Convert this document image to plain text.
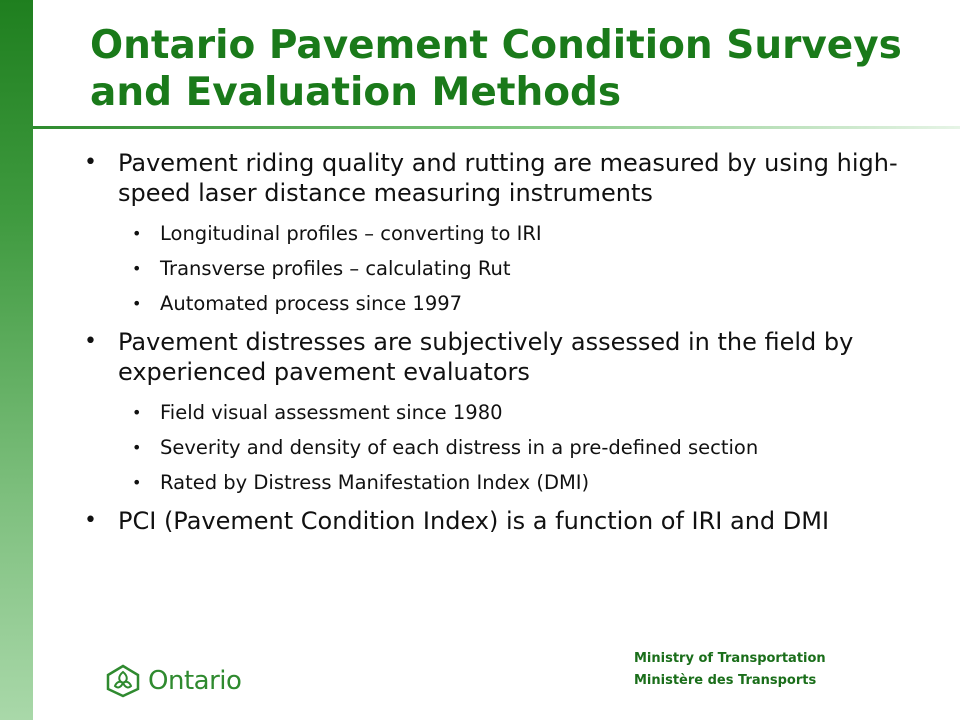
Ontario Pavement Condition Surveys and Evaluation Methods
• Pavement riding quality and rutting are measured by using high-speed laser distance measuring instruments
• Longitudinal profiles – converting to IRI
• Transverse profiles – calculating Rut
• Automated process since 1997
• Pavement distresses are subjectively assessed in the field by experienced pavement evaluators
• Field visual assessment since 1980
• Severity and density of each distress in a pre-defined section
• Rated by Distress Manifestation Index (DMI)
• PCI (Pavement Condition Index) is a function of IRI and DMI
Ontario
Ministry of Transportation
Ministère des Transports
